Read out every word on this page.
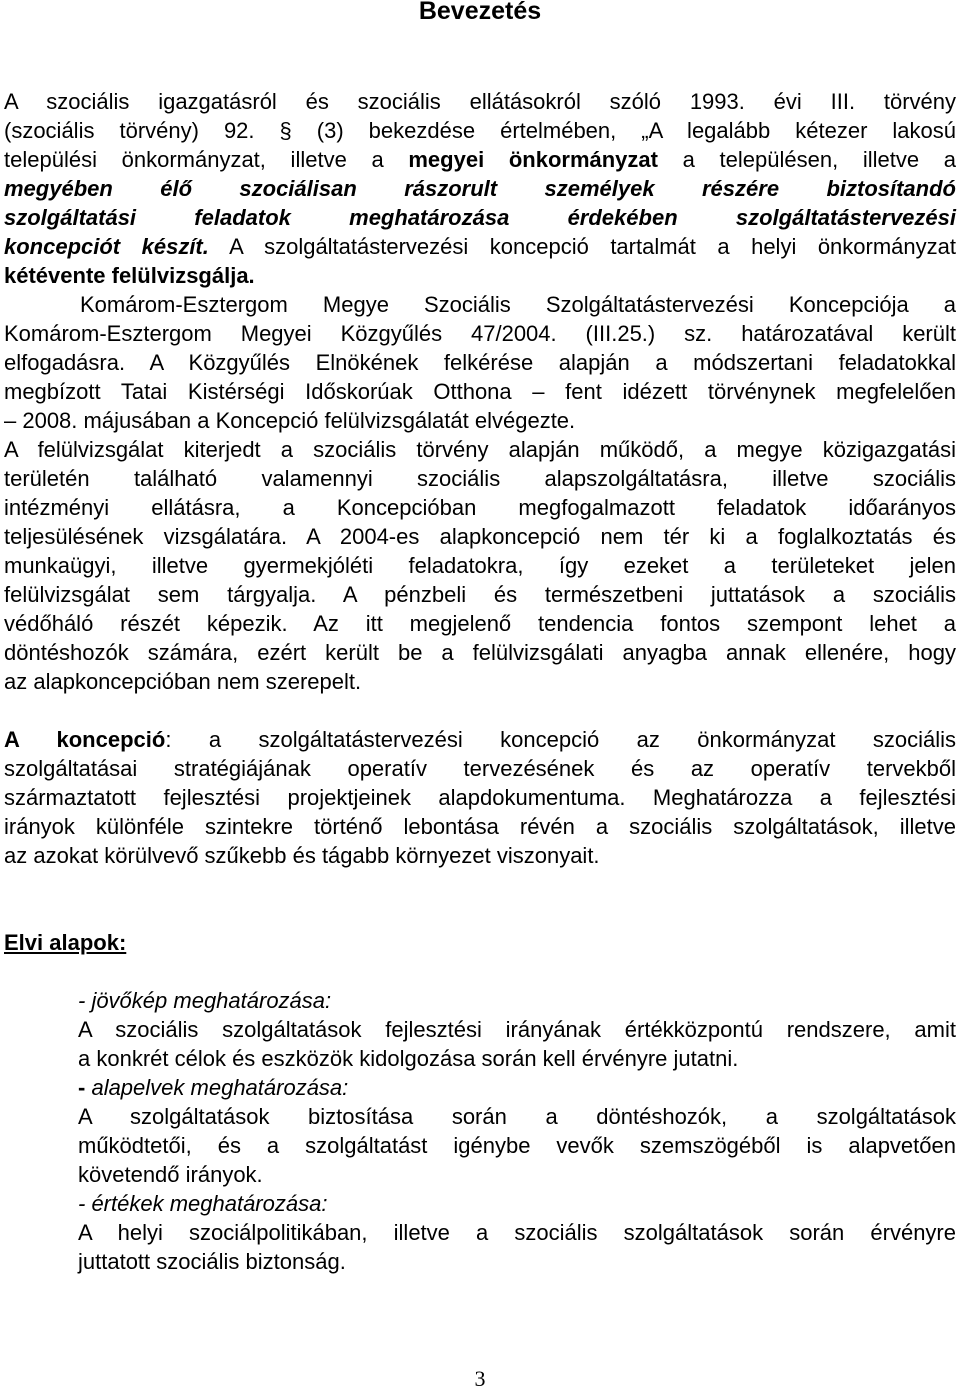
Bevezetés
A szociális igazgatásról és szociális ellátásokról szóló 1993. évi III. törvény
(szociális törvény) 92. § (3) bekezdése értelmében, „A legalább kétezer lakosú
települési önkormányzat, illetve a megyei önkormányzat a településen, illetve a
megyében élő szociálisan rászorult személyek részére biztosítandó
szolgáltatási feladatok meghatározása érdekében szolgáltatástervezési
koncepciót készít. A szolgáltatástervezési koncepció tartalmát a helyi önkormányzat
kétévente felülvizsgálja.
Komárom-Esztergom Megye Szociális Szolgáltatástervezési Koncepciója a
Komárom-Esztergom Megyei Közgyűlés 47/2004. (III.25.) sz. határozatával került
elfogadásra. A Közgyűlés Elnökének felkérése alapján a módszertani feladatokkal
megbízott Tatai Kistérségi Időskorúak Otthona – fent idézett törvénynek megfelelően
– 2008. májusában a Koncepció felülvizsgálatát elvégezte.
A felülvizsgálat kiterjedt a szociális törvény alapján működő, a megye közigazgatási
területén található valamennyi szociális alapszolgáltatásra, illetve szociális
intézményi ellátásra, a Koncepcióban megfogalmazott feladatok időarányos
teljesülésének vizsgálatára. A 2004-es alapkoncepció nem tér ki a foglalkoztatás és
munkaügyi, illetve gyermekjóléti feladatokra, így ezeket a területeket jelen
felülvizsgálat sem tárgyalja. A pénzbeli és természetbeni juttatások a szociális
védőháló részét képezik. Az itt megjelenő tendencia fontos szempont lehet a
döntéshozók számára, ezért került be a felülvizsgálati anyagba annak ellenére, hogy
az alapkoncepcióban nem szerepelt.
A koncepció: a szolgáltatástervezési koncepció az önkormányzat szociális
szolgáltatásai stratégiájának operatív tervezésének és az operatív tervekből
származtatott fejlesztési projektjeinek alapdokumentuma. Meghatározza a fejlesztési
irányok különféle szintekre történő lebontása révén a szociális szolgáltatások, illetve
az azokat körülvevő szűkebb és tágabb környezet viszonyait.
Elvi alapok:
- jövőkép meghatározása:
A szociális szolgáltatások fejlesztési irányának értékközpontú rendszere, amit
a konkrét célok és eszközök kidolgozása során kell érvényre jutatni.
- alapelvek meghatározása:
A szolgáltatások biztosítása során a döntéshozók, a szolgáltatások
működtetői, és a szolgáltatást igénybe vevők szemszögéből is alapvetően
követendő irányok.
- értékek meghatározása:
A helyi szociálpolitikában, illetve a szociális szolgáltatások során érvényre
juttatott szociális biztonság.
3
